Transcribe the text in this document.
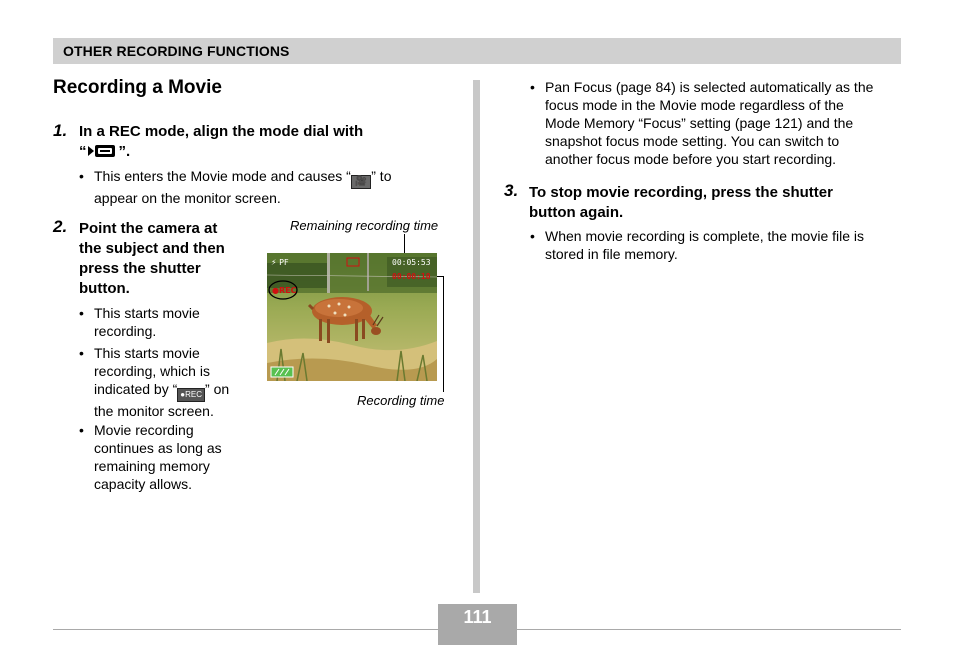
OTHER RECORDING FUNCTIONS
Recording a Movie
1. In a REC mode, align the mode dial with
“ ”.
• This enters the Movie mode and causes “ 🎥 ” to
appear on the monitor screen.
2. Point the camera at
the subject and then
press the shutter
button.
• This starts movie
recording.
• This starts movie
recording, which is
indicated by “ ●REC ” on
the monitor screen.
• Movie recording
continues as long as
remaining memory
capacity allows.
Remaining recording time
⚡ PF	00:05:53
00:00:10
●REC
Recording time
• Pan Focus (page 84) is selected automatically as the
focus mode in the Movie mode regardless of the
Mode Memory “Focus” setting (page 121) and the
snapshot focus mode setting. You can switch to
another focus mode before you start recording.
3. To stop movie recording, press the shutter
button again.
• When movie recording is complete, the movie file is
stored in file memory.
111
